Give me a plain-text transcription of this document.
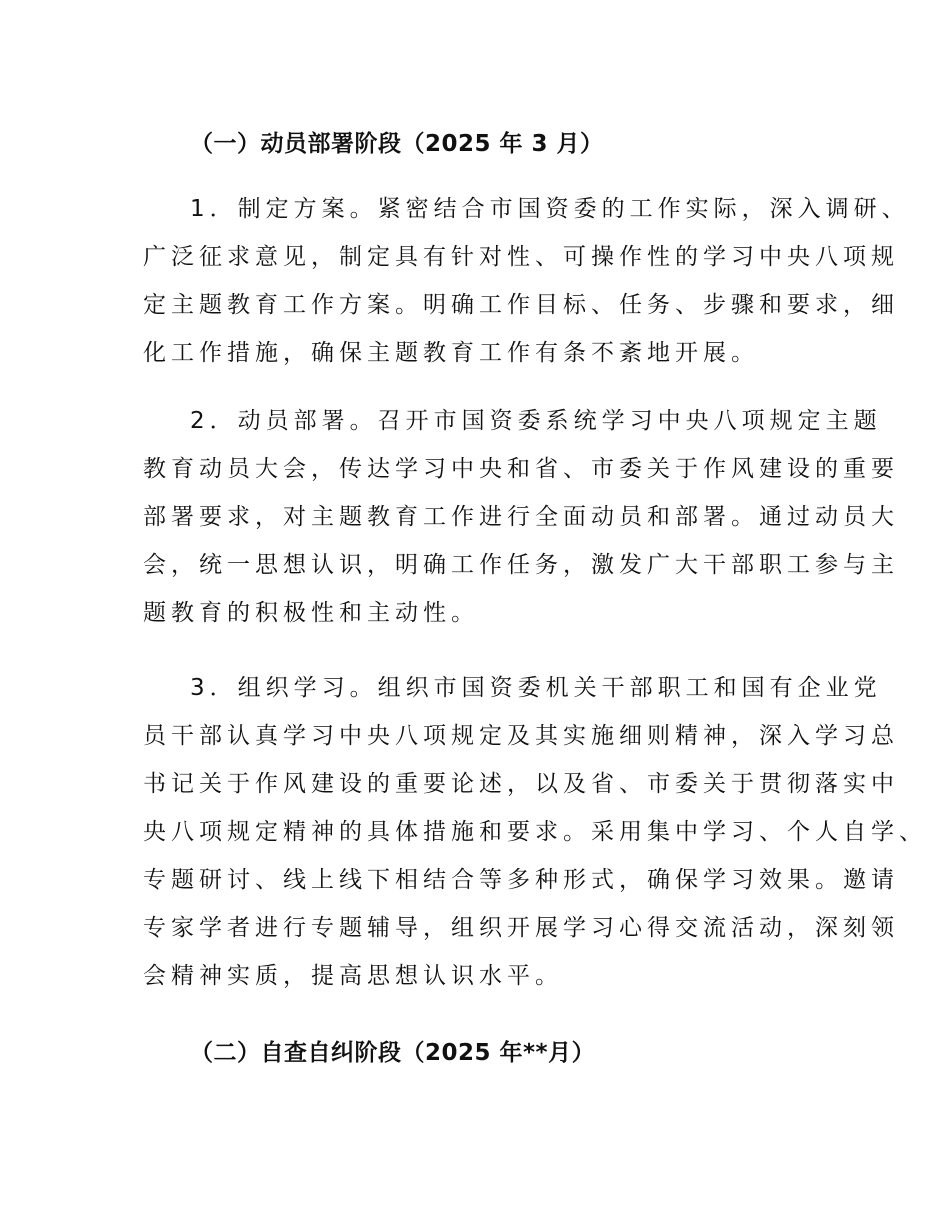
（一）动员部署阶段（2025 年 3 月）
1．制定方案。紧密结合市国资委的工作实际，深入调研、
广泛征求意见，制定具有针对性、可操作性的学习中央八项规
定主题教育工作方案。明确工作目标、任务、步骤和要求，细
化工作措施，确保主题教育工作有条不紊地开展。
2．动员部署。召开市国资委系统学习中央八项规定主题
教育动员大会，传达学习中央和省、市委关于作风建设的重要
部署要求，对主题教育工作进行全面动员和部署。通过动员大
会，统一思想认识，明确工作任务，激发广大干部职工参与主
题教育的积极性和主动性。
3．组织学习。组织市国资委机关干部职工和国有企业党
员干部认真学习中央八项规定及其实施细则精神，深入学习总
书记关于作风建设的重要论述，以及省、市委关于贯彻落实中
央八项规定精神的具体措施和要求。采用集中学习、个人自学、
专题研讨、线上线下相结合等多种形式，确保学习效果。邀请
专家学者进行专题辅导，组织开展学习心得交流活动，深刻领
会精神实质，提高思想认识水平。
（二）自查自纠阶段（2025 年**月）
